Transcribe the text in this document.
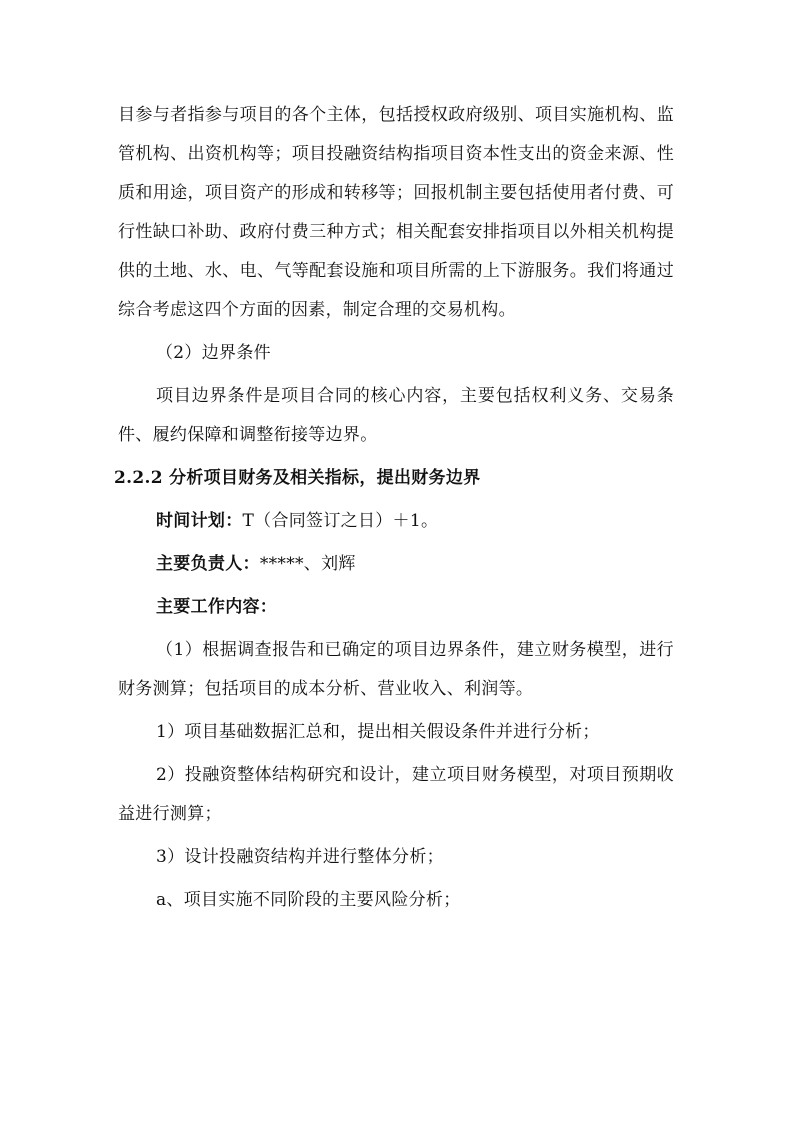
目参与者指参与项目的各个主体，包括授权政府级别、项目实施机构、监管机构、出资机构等；项目投融资结构指项目资本性支出的资金来源、性质和用途，项目资产的形成和转移等；回报机制主要包括使用者付费、可行性缺口补助、政府付费三种方式；相关配套安排指项目以外相关机构提供的土地、水、电、气等配套设施和项目所需的上下游服务。我们将通过综合考虑这四个方面的因素，制定合理的交易机构。

（2）边界条件

项目边界条件是项目合同的核心内容，主要包括权利义务、交易条件、履约保障和调整衔接等边界。

2.2.2 分析项目财务及相关指标，提出财务边界

时间计划：T（合同签订之日）＋1。

主要负责人：*****、刘辉

主要工作内容：

（1）根据调查报告和已确定的项目边界条件，建立财务模型，进行财务测算；包括项目的成本分析、营业收入、利润等。

1）项目基础数据汇总和，提出相关假设条件并进行分析；

2）投融资整体结构研究和设计，建立项目财务模型，对项目预期收益进行测算；

3）设计投融资结构并进行整体分析；

a、项目实施不同阶段的主要风险分析；
